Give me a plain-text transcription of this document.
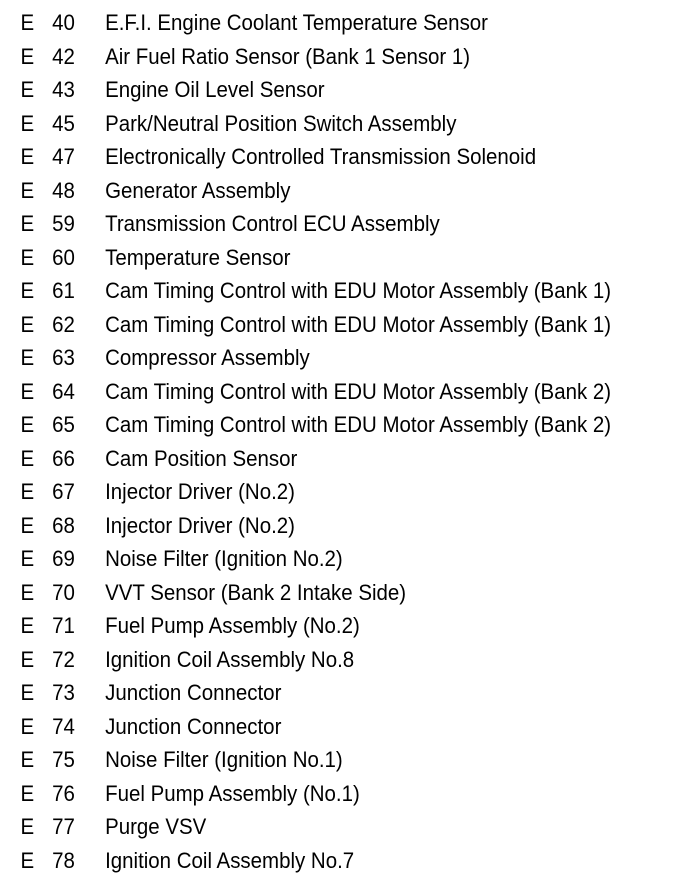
E 40 E.F.I. Engine Coolant Temperature Sensor
E 42 Air Fuel Ratio Sensor (Bank 1 Sensor 1)
E 43 Engine Oil Level Sensor
E 45 Park/Neutral Position Switch Assembly
E 47 Electronically Controlled Transmission Solenoid
E 48 Generator Assembly
E 59 Transmission Control ECU Assembly
E 60 Temperature Sensor
E 61 Cam Timing Control with EDU Motor Assembly (Bank 1)
E 62 Cam Timing Control with EDU Motor Assembly (Bank 1)
E 63 Compressor Assembly
E 64 Cam Timing Control with EDU Motor Assembly (Bank 2)
E 65 Cam Timing Control with EDU Motor Assembly (Bank 2)
E 66 Cam Position Sensor
E 67 Injector Driver (No.2)
E 68 Injector Driver (No.2)
E 69 Noise Filter (Ignition No.2)
E 70 VVT Sensor (Bank 2 Intake Side)
E 71 Fuel Pump Assembly (No.2)
E 72 Ignition Coil Assembly No.8
E 73 Junction Connector
E 74 Junction Connector
E 75 Noise Filter (Ignition No.1)
E 76 Fuel Pump Assembly (No.1)
E 77 Purge VSV
E 78 Ignition Coil Assembly No.7
